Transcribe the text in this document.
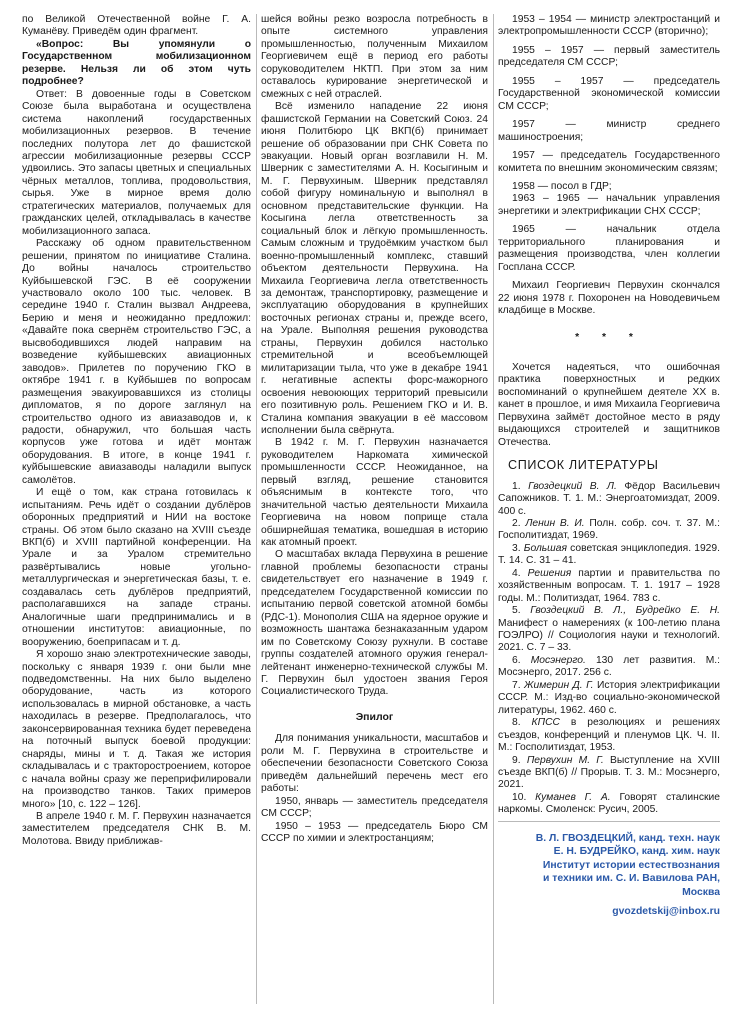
по Великой Отечественной войне Г. А. Куманёву. Приведём один фрагмент.

«Вопрос: Вы упомянули о Государственном мобилизационном резерве. Нельзя ли об этом чуть подробнее?

Ответ: В довоенные годы в Советском Союзе была выработана и осуществлена система накоплений государственных мобилизационных резервов. В течение последних полутора лет до фашистской агрессии мобилизационные резервы СССР удвоились. Это запасы цветных и специальных чёрных металлов, топлива, продовольствия, сырья. Уже в мирное время долю стратегических материалов, получаемых для гражданских целей, откладывалась в качестве мобилизационного запаса.

Расскажу об одном правительственном решении, принятом по инициативе Сталина. До войны началось строительство Куйбышевской ГЭС. В её сооружении участвовало около 100 тыс. человек. В середине 1940 г. Сталин вызвал Андреева, Берию и меня и неожиданно предложил: «Давайте пока свернём строительство ГЭС, а высвободившихся людей направим на возведение куйбышевских авиационных заводов». Прилетев по поручению ГКО в октябре 1941 г. в Куйбышев по вопросам размещения эвакуировавшихся из столицы дипломатов, я по дороге заглянул на строительство одного из авиазаводов и, к радости, обнаружил, что большая часть корпусов уже готова и идёт монтаж оборудования. В итоге, в конце 1941 г. куйбышевские авиазаводы наладили выпуск самолётов.

И ещё о том, как страна готовилась к испытаниям. Речь идёт о создании дублёров оборонных предприятий и НИИ на востоке страны. Об этом было сказано на XVIII съезде ВКП(б) и XVIII партийной конференции. На Урале и за Уралом стремительно развёртывались новые угольно-металлургическая и энергетическая базы, т. е. создавалась сеть дублёров предприятий, располагавшихся на западе страны. Аналогичные шаги предпринимались и в отношении институтов: авиационные, по вооружению, боеприпасам и т. д.

Я хорошо знаю электротехнические заводы, поскольку с января 1939 г. они были мне подведомственны. На них было выделено оборудование, часть из которого использовалась в мирной обстановке, а часть находилась в резерве. Предполагалось, что законсервированная техника будет переведена на поточный выпуск боевой продукции: снаряды, мины и т. д. Такая же история складывалась и с тракторостроением, которое с начала войны сразу же переприфилировали на производство танков. Таких примеров много» [10, с. 122 – 126].

В апреле 1940 г. М. Г. Первухин назначается заместителем председателя СНК В. М. Молотова. Ввиду приближав-

шейся войны резко возросла потребность в опыте системного управления промышленностью, полученным Михаилом Георгиевичем ещё в период его работы соруководителем НКТП. При этом за ним оставалось курирование энергетической и смежных с ней отраслей.

Всё изменило нападение 22 июня фашистской Германии на Советский Союз. 24 июня Политбюро ЦК ВКП(б) принимает решение об образовании при СНК Совета по эвакуации. Новый орган возглавили Н. М. Шверник с заместителями А. Н. Косыгиным и М. Г. Первухиным. Шверник представлял собой фигуру номинальную и выполнял в основном представительские функции. На Косыгина легла ответственность за социальный блок и лёгкую промышленность. Самым сложным и трудоёмким участком был военно-промышленный комплекс, ставший объектом деятельности Первухина. На Михаила Георгиевича легла ответственность за демонтаж, транспортировку, размещение и эксплуатацию оборудования в крупнейших восточных регионах страны и, прежде всего, на Урале. Выполняя решения руководства страны, Первухин добился настолько стремительной и всеобъемлющей милитаризации тыла, что уже в декабре 1941 г. негативные аспекты форс-мажорного освоения невоюющих территорий превысили его позитивную роль. Решением ГКО и И. В. Сталина компания эвакуации в её массовом исполнении была свёрнута.

В 1942 г. М. Г. Первухин назначается руководителем Наркомата химической промышленности СССР. Неожиданное, на первый взгляд, решение становится объяснимым в контексте того, что значительной частью деятельности Михаила Георгиевича на новом поприще стала обширнейшая тематика, вошедшая в историю как атомный проект.

О масштабах вклада Первухина в решение главной проблемы безопасности страны свидетельствует его назначение в 1949 г. председателем Государственной комиссии по испытанию первой советской атомной бомбы (РДС-1). Монополия США на ядерное оружие и возможность шантажа безнаказанным ударом им по Советскому Союзу рухнули. В составе группы создателей атомного оружия генерал-лейтенант инженерно-технической службы М. Г. Первухин был удостоен звания Героя Социалистического Труда.

Эпилог

Для понимания уникальности, масштабов и роли М. Г. Первухина в строительстве и обеспечении безопасности Советского Союза приведём дальнейший перечень мест его работы:

1950, январь — заместитель председателя СМ СССР;

1950 – 1953 — председатель Бюро СМ СССР по химии и электростанциям;

1953 – 1954 — министр электростанций и электропромышленности СССР (вторично);

1955 – 1957 — первый заместитель председателя СМ СССР;

1955 – 1957 — председатель Государственной экономической комиссии СМ СССР;

1957 — министр среднего машиностроения;

1957 — председатель Государственного комитета по внешним экономическим связям;

1958 — посол в ГДР;

1963 – 1965 — начальник управления энергетики и электрификации СНХ СССР;

1965 — начальник отдела территориального планирования и размещения производства, член коллегии Госплана СССР.

Михаил Георгиевич Первухин скончался 22 июня 1978 г. Похоронен на Новодевичьем кладбище в Москве.

* * *

Хочется надеяться, что ошибочная практика поверхностных и редких воспоминаний о крупнейшем деятеле XX в. канет в прошлое, и имя Михаила Георгиевича Первухина займёт достойное место в ряду выдающихся строителей и защитников Отечества.

СПИСОК ЛИТЕРАТУРЫ

1. Гвоздецкий В. Л. Фёдор Васильевич Сапожников. Т. 1. М.: Энергоатомиздат, 2009. 400 с.

2. Ленин В. И. Полн. собр. соч. т. 37. М.: Госполитиздат, 1969.

3. Большая советская энциклопедия. 1929. Т. 14. С. 31 – 41.

4. Решения партии и правительства по хозяйственным вопросам. Т. 1. 1917 – 1928 годы. М.: Политиздат, 1964. 783 с.

5. Гвоздецкий В. Л., Будрейко Е. Н. Манифест о намерениях (к 100-летию плана ГОЭЛРО) // Социология науки и технологий. 2021. С. 7 – 33.

6. Мосэнерго. 130 лет развития. М.: Мосэнерго, 2017. 256 с.

7. Жимерин Д. Г. История электрификации СССР. М.: Изд-во социально-экономической литературы, 1962. 460 с.

8. КПСС в резолюциях и решениях съездов, конференций и пленумов ЦК. Ч. II. М.: Госполитиздат, 1953.

9. Первухин М. Г. Выступление на XVIII съезде ВКП(б) // Прорыв. Т. 3. М.: Мосэнерго, 2021.

10. Куманев Г. А. Говорят сталинские наркомы. Смоленск: Русич, 2005.

В. Л. ГВОЗДЕЦКИЙ, канд. техн. наук
Е. Н. БУДРЕЙКО, канд. хим. наук
Институт истории естествознания
и техники им. С. И. Вавилова РАН,
Москва
gvozdetskij@inbox.ru
